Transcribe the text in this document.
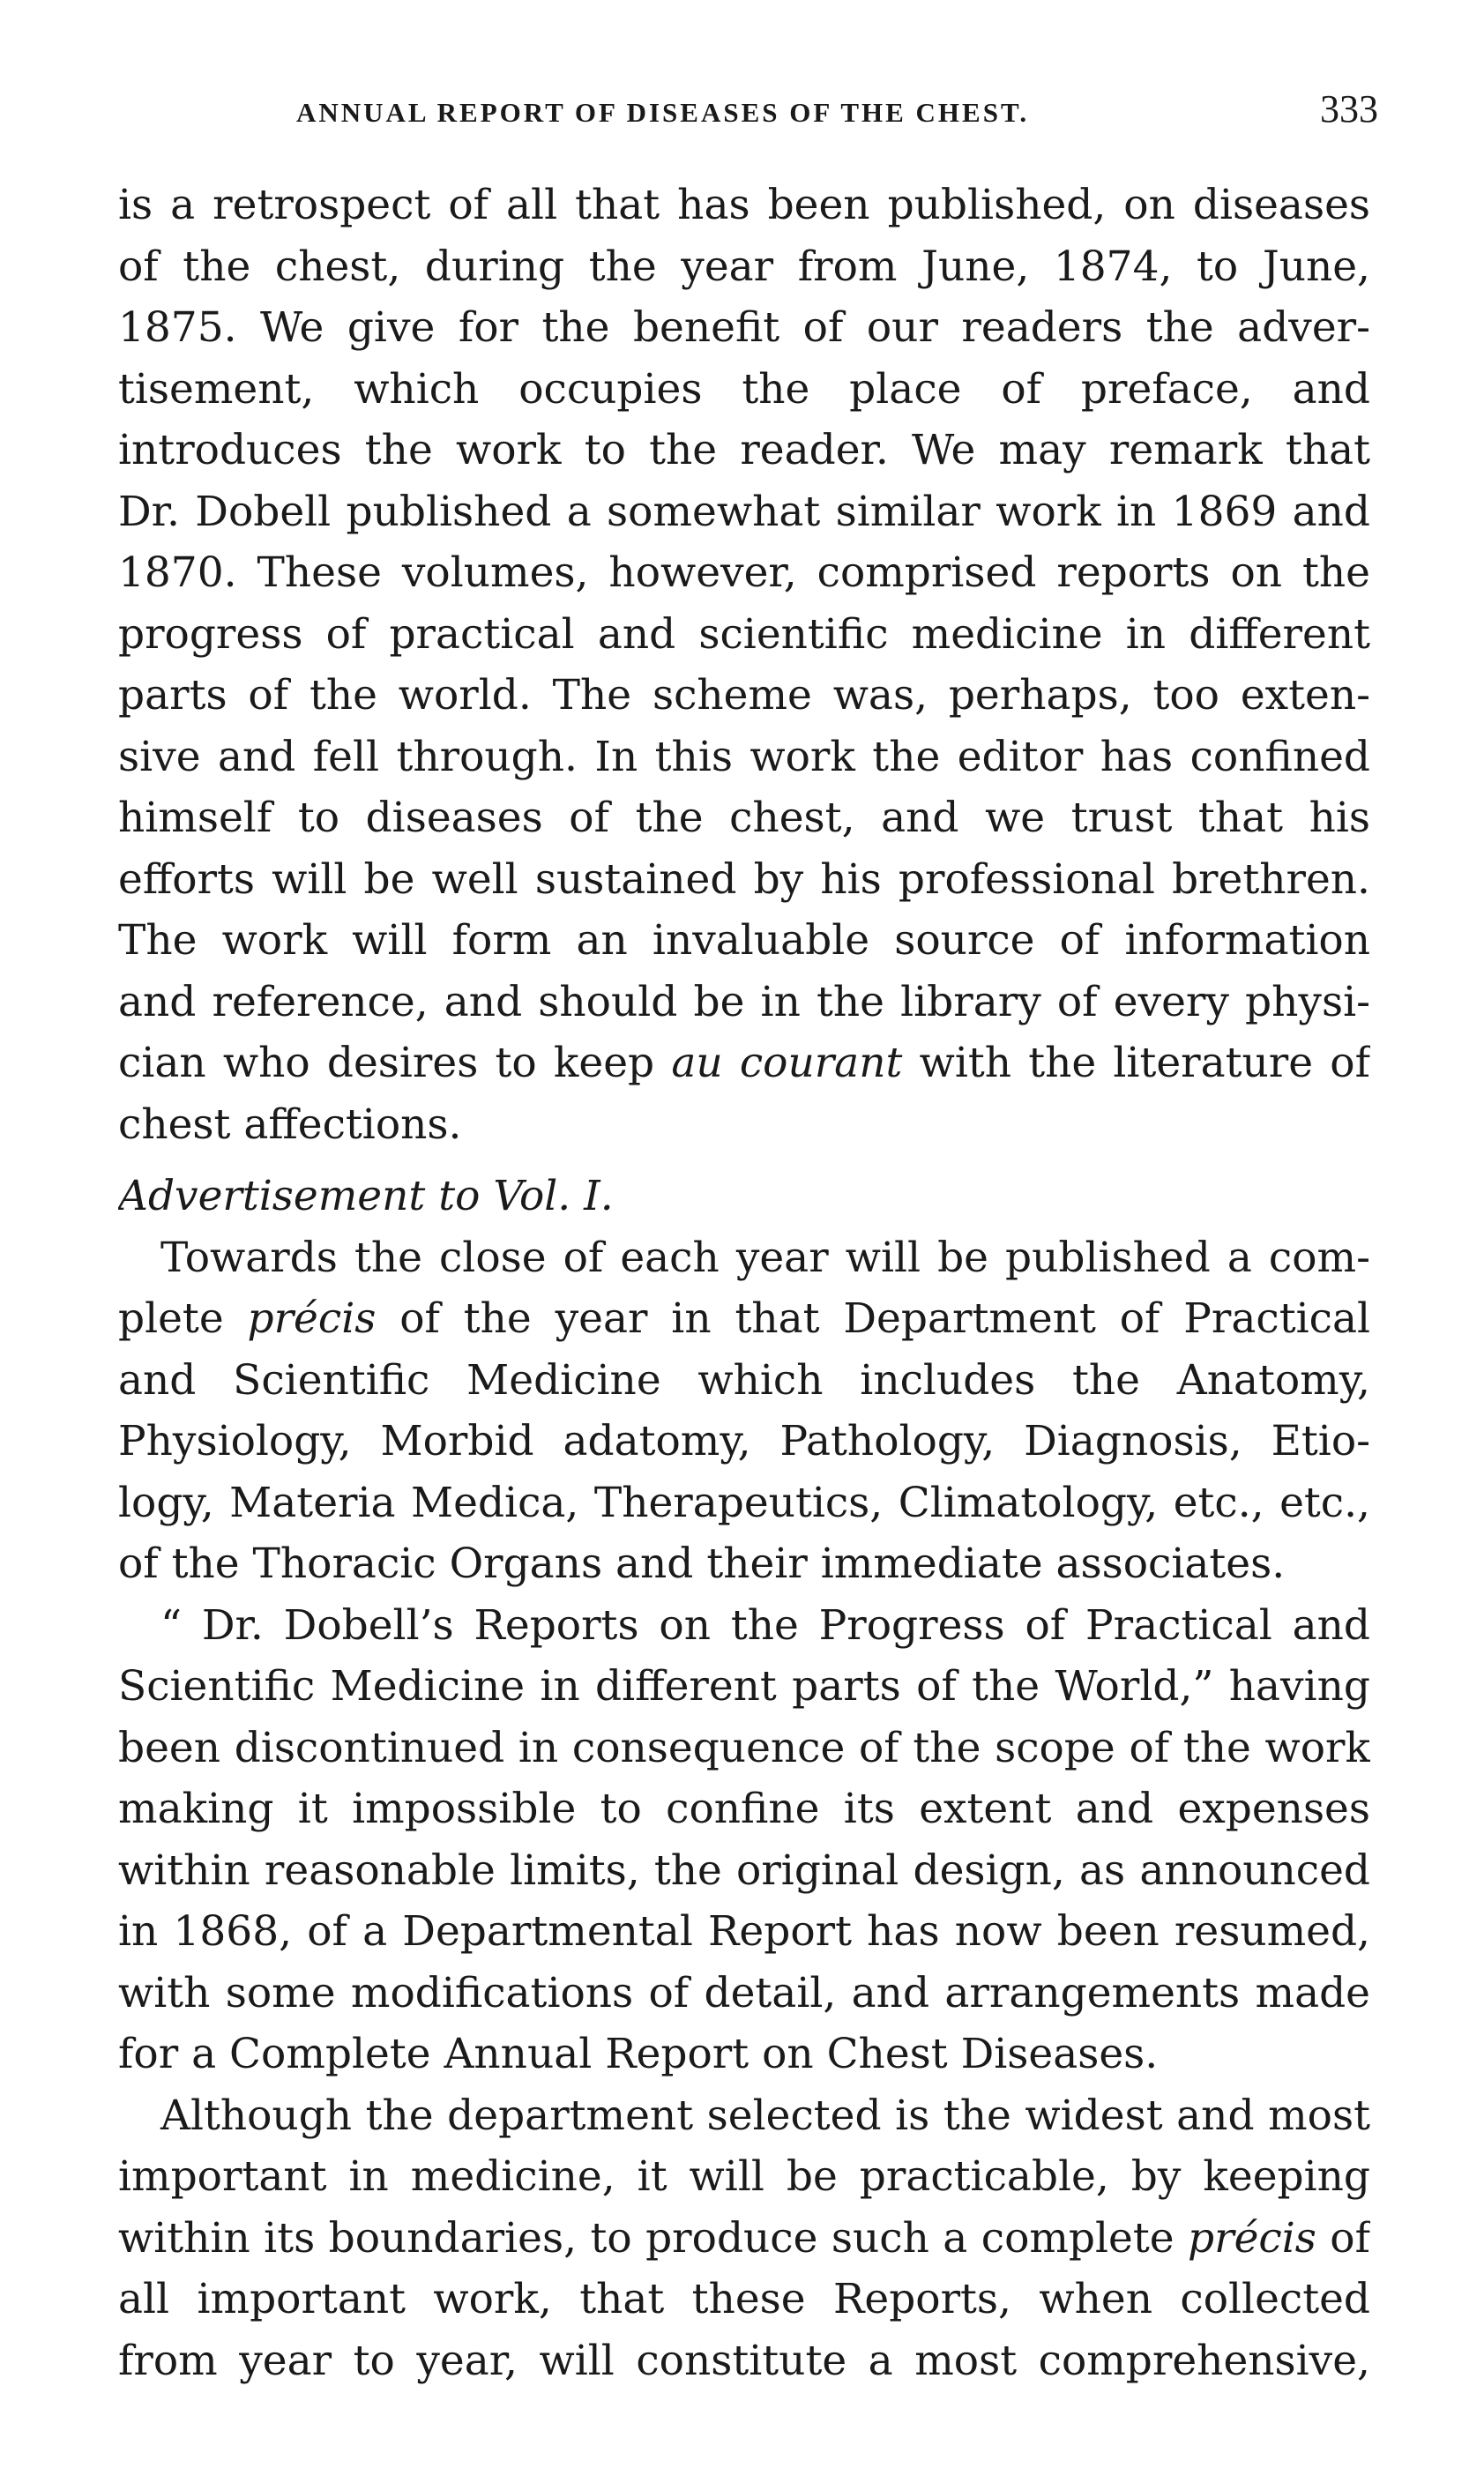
ANNUAL REPORT OF DISEASES OF THE CHEST.	333
is a retrospect of all that has been published, on diseases
of the chest, during the year from June, 1874, to June,
1875. We give for the benefit of our readers the adver-
tisement, which occupies the place of preface, and
introduces the work to the reader. We may remark that
Dr. Dobell published a somewhat similar work in 1869 and
1870. These volumes, however, comprised reports on the
progress of practical and scientific medicine in different
parts of the world. The scheme was, perhaps, too exten-
sive and fell through. In this work the editor has confined
himself to diseases of the chest, and we trust that his
efforts will be well sustained by his professional brethren.
The work will form an invaluable source of information
and reference, and should be in the library of every physi-
cian who desires to keep au courant with the literature of
chest affections.
Advertisement to Vol. I.
Towards the close of each year will be published a com-
plete précis of the year in that Department of Practical
and Scientific Medicine which includes the Anatomy,
Physiology, Morbid adatomy, Pathology, Diagnosis, Etio-
logy, Materia Medica, Therapeutics, Climatology, etc., etc.,
of the Thoracic Organs and their immediate associates.
“ Dr. Dobell’s Reports on the Progress of Practical and
Scientific Medicine in different parts of the World,” having
been discontinued in consequence of the scope of the work
making it impossible to confine its extent and expenses
within reasonable limits, the original design, as announced
in 1868, of a Departmental Report has now been resumed,
with some modifications of detail, and arrangements made
for a Complete Annual Report on Chest Diseases.
Although the department selected is the widest and most
important in medicine, it will be practicable, by keeping
within its boundaries, to produce such a complete précis of
all important work, that these Reports, when collected
from year to year, will constitute a most comprehensive,
